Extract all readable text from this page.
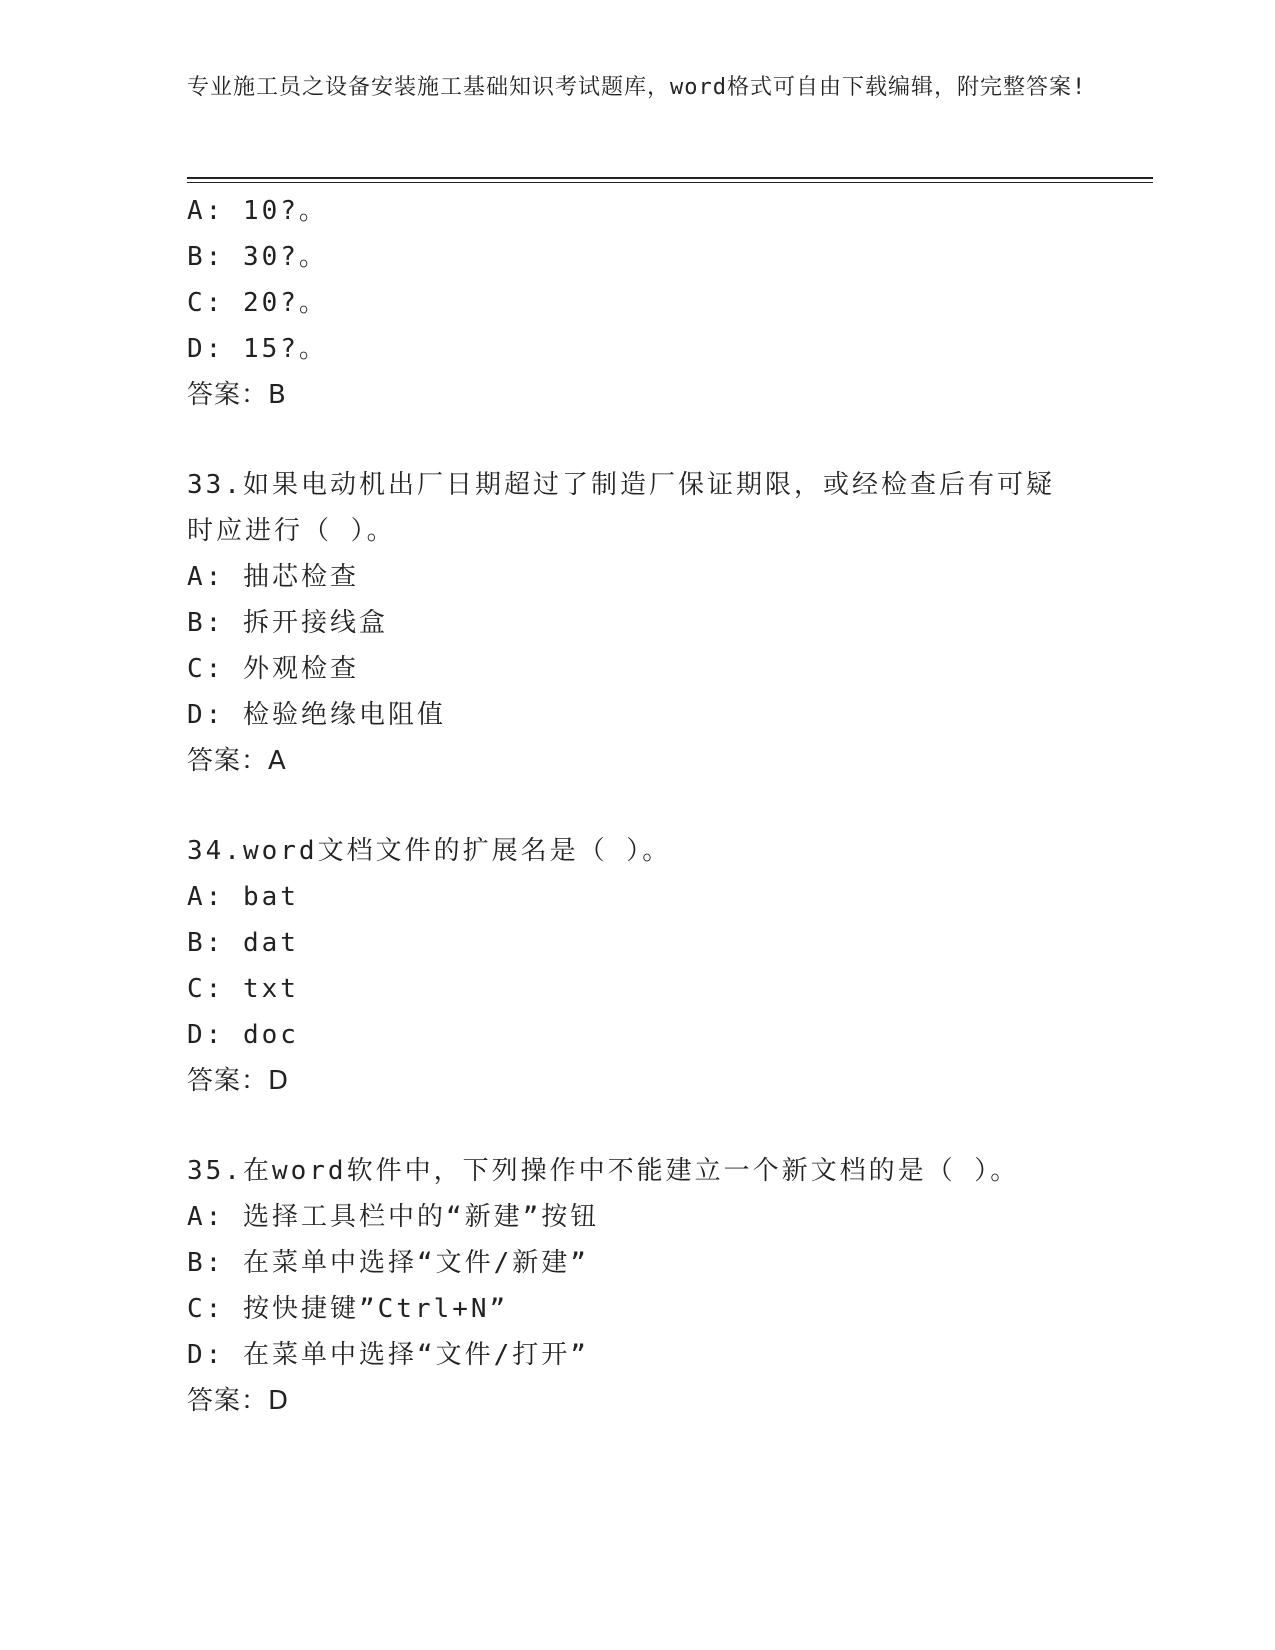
专业施工员之设备安装施工基础知识考试题库，word格式可自由下载编辑，附完整答案!
A: 10?。
B: 30?。
C: 20?。
D: 15?。
答案：B
33.如果电动机出厂日期超过了制造厂保证期限，或经检查后有可疑时应进行（ ）。
A: 抽芯检查
B: 拆开接线盒
C: 外观检查
D: 检验绝缘电阻值
答案：A
34.word文档文件的扩展名是（ ）。
A: bat
B: dat
C: txt
D: doc
答案：D
35.在word软件中，下列操作中不能建立一个新文档的是（ ）。
A: 选择工具栏中的“新建”按钮
B: 在菜单中选择“文件/新建”
C: 按快捷键”Ctrl+N”
D: 在菜单中选择“文件/打开”
答案：D
